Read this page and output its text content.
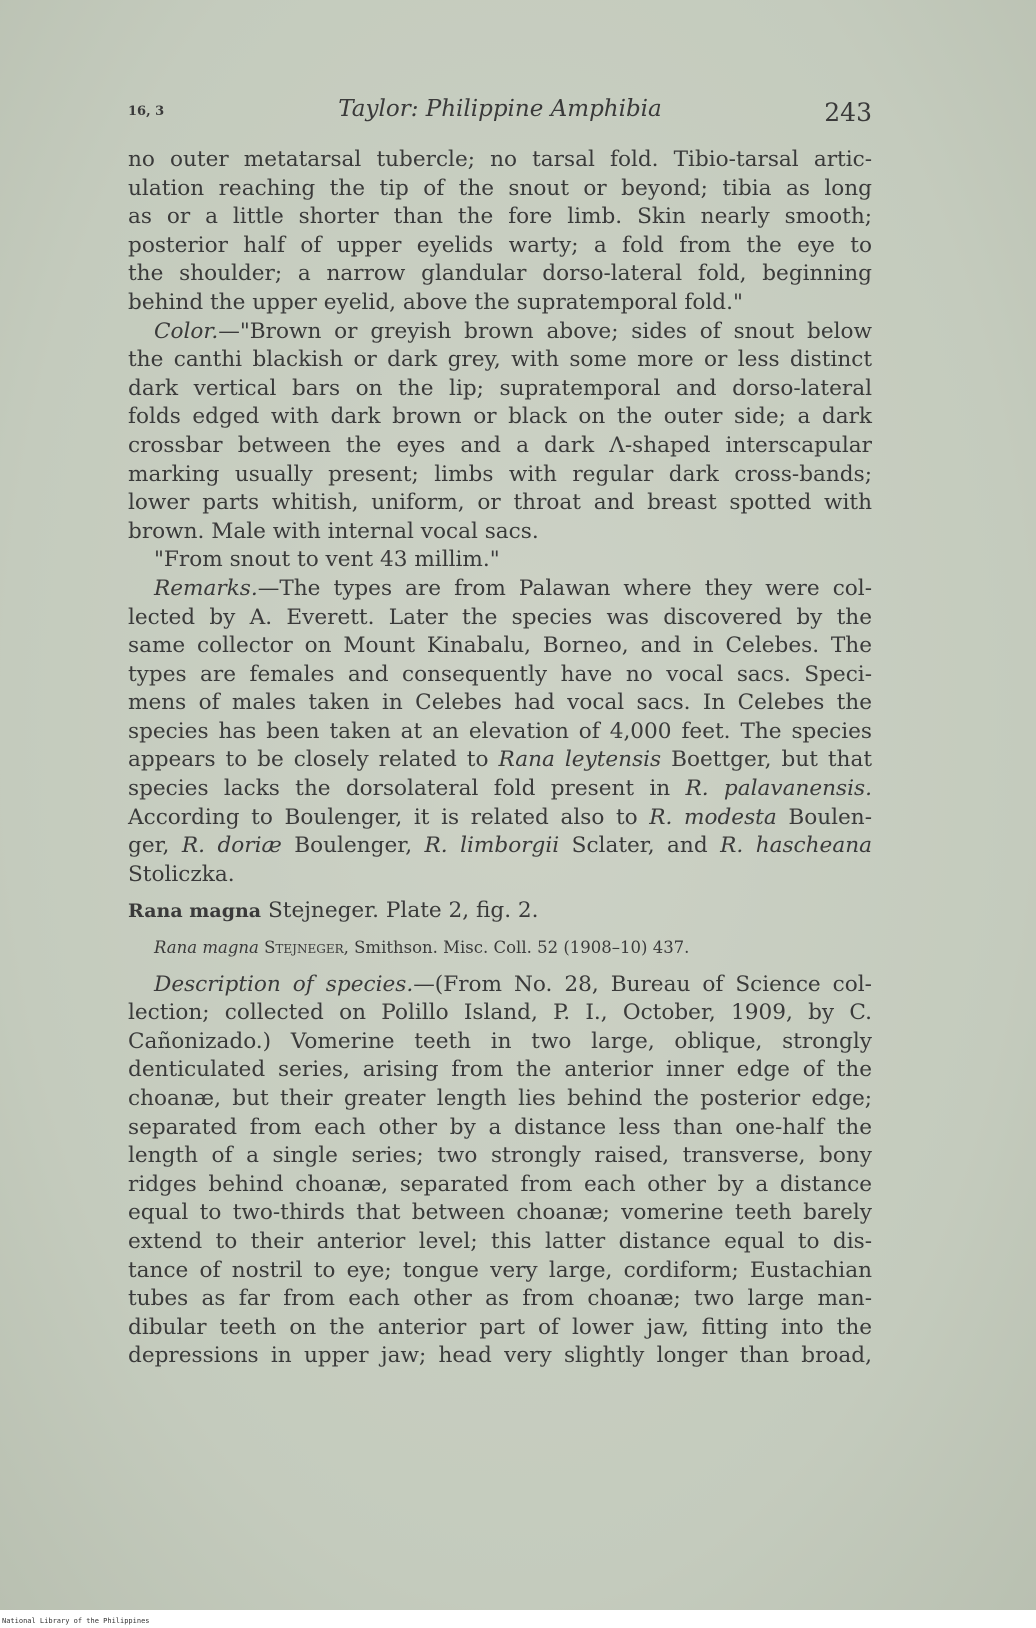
16, 3	Taylor: Philippine Amphibia	243

no outer metatarsal tubercle; no tarsal fold. Tibio-tarsal artic-

ulation reaching the tip of the snout or beyond; tibia as long

as or a little shorter than the fore limb. Skin nearly smooth;

posterior half of upper eyelids warty; a fold from the eye to

the shoulder; a narrow glandular dorso-lateral fold, beginning

behind the upper eyelid, above the supratemporal fold."

Color.—"Brown or greyish brown above; sides of snout below

the canthi blackish or dark grey, with some more or less distinct

dark vertical bars on the lip; supratemporal and dorso-lateral

folds edged with dark brown or black on the outer side; a dark

crossbar between the eyes and a dark Λ-shaped interscapular

marking usually present; limbs with regular dark cross-bands;

lower parts whitish, uniform, or throat and breast spotted with

brown. Male with internal vocal sacs.

"From snout to vent 43 millim."

Remarks.—The types are from Palawan where they were col-

lected by A. Everett. Later the species was discovered by the

same collector on Mount Kinabalu, Borneo, and in Celebes. The

types are females and consequently have no vocal sacs. Speci-

mens of males taken in Celebes had vocal sacs. In Celebes the

species has been taken at an elevation of 4,000 feet. The species

appears to be closely related to Rana leytensis Boettger, but that

species lacks the dorsolateral fold present in R. palavanensis.

According to Boulenger, it is related also to R. modesta Boulen-

ger, R. doriæ Boulenger, R. limborgii Sclater, and R. hascheana

Stoliczka.

Rana magna Stejneger. Plate 2, fig. 2.

Rana magna Stejneger, Smithson. Misc. Coll. 52 (1908–10) 437.

Description of species.—(From No. 28, Bureau of Science col-

lection; collected on Polillo Island, P. I., October, 1909, by C.

Cañonizado.) Vomerine teeth in two large, oblique, strongly

denticulated series, arising from the anterior inner edge of the

choanæ, but their greater length lies behind the posterior edge;

separated from each other by a distance less than one-half the

length of a single series; two strongly raised, transverse, bony

ridges behind choanæ, separated from each other by a distance

equal to two-thirds that between choanæ; vomerine teeth barely

extend to their anterior level; this latter distance equal to dis-

tance of nostril to eye; tongue very large, cordiform; Eustachian

tubes as far from each other as from choanæ; two large man-

dibular teeth on the anterior part of lower jaw, fitting into the

depressions in upper jaw; head very slightly longer than broad,

National Library of the Philippines
